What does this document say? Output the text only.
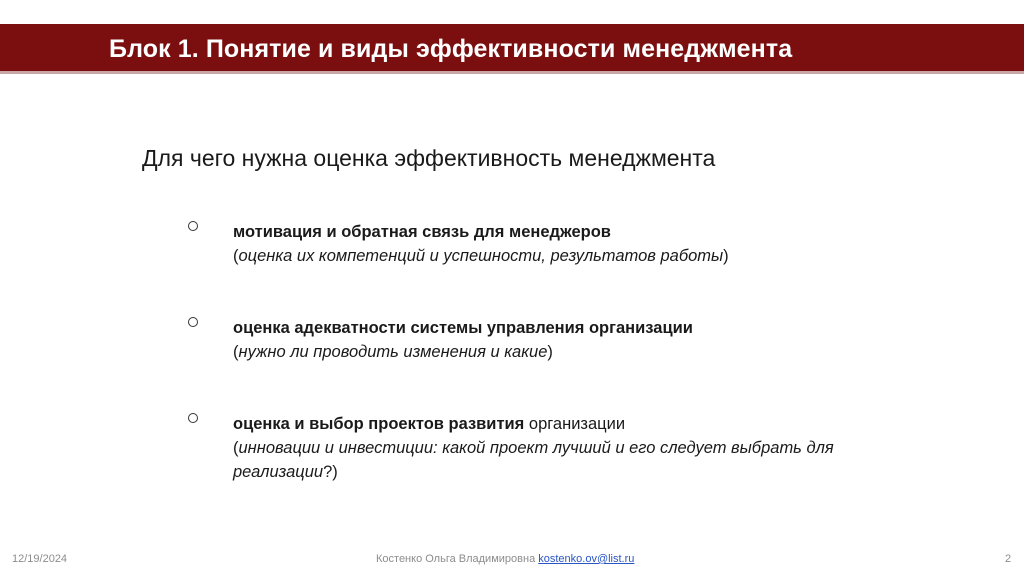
Блок 1. Понятие и виды эффективности менеджмента
Для чего нужна оценка эффективность менеджмента
мотивация и обратная связь для менеджеров
(оценка их компетенций и успешности, результатов работы)
оценка адекватности системы управления организации
(нужно ли проводить изменения и какие)
оценка и выбор проектов развития организации
(инновации и инвестиции: какой проект лучший и его следует выбрать для реализации?)
12/19/2024	Костенко Ольга Владимировна kostenko.ov@list.ru	2
